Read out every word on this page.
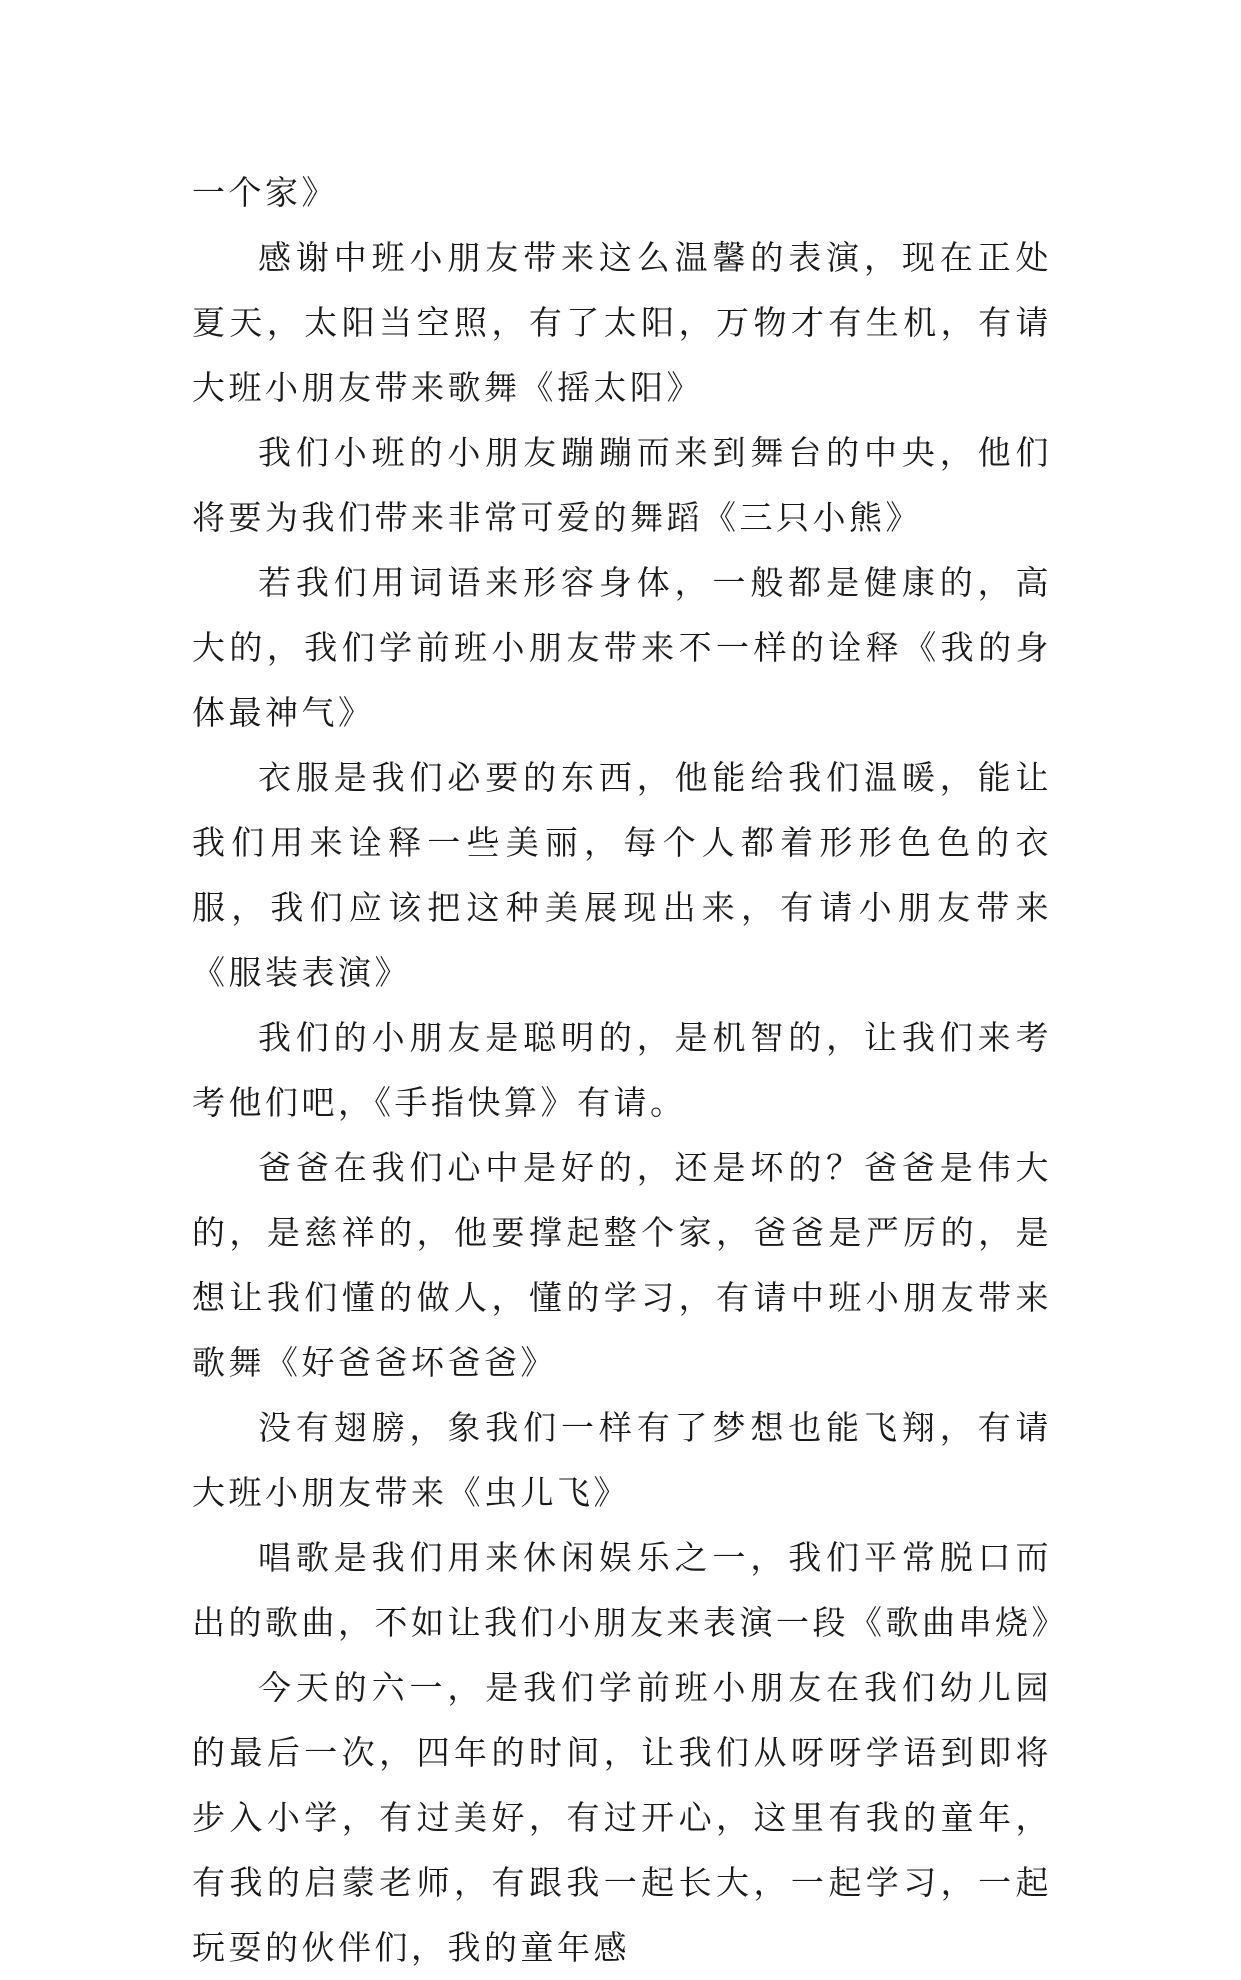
一个家》

感谢中班小朋友带来这么温馨的表演，现在正处夏天，太阳当空照，有了太阳，万物才有生机，有请大班小朋友带来歌舞《摇太阳》

我们小班的小朋友蹦蹦而来到舞台的中央，他们将要为我们带来非常可爱的舞蹈《三只小熊》

若我们用词语来形容身体，一般都是健康的，高大的，我们学前班小朋友带来不一样的诠释《我的身体最神气》

衣服是我们必要的东西，他能给我们温暖，能让我们用来诠释一些美丽，每个人都着形形色色的衣服，我们应该把这种美展现出来，有请小朋友带来《服装表演》

我们的小朋友是聪明的，是机智的，让我们来考考他们吧，《手指快算》有请。

爸爸在我们心中是好的，还是坏的？爸爸是伟大的，是慈祥的，他要撑起整个家，爸爸是严厉的，是想让我们懂的做人，懂的学习，有请中班小朋友带来歌舞《好爸爸坏爸爸》

没有翅膀，象我们一样有了梦想也能飞翔，有请大班小朋友带来《虫儿飞》

唱歌是我们用来休闲娱乐之一，我们平常脱口而出的歌曲，不如让我们小朋友来表演一段《歌曲串烧》

今天的六一，是我们学前班小朋友在我们幼儿园的最后一次，四年的时间，让我们从呀呀学语到即将步入小学，有过美好，有过开心，这里有我的童年，有我的启蒙老师，有跟我一起长大，一起学习，一起玩耍的伙伴们，我的童年感
